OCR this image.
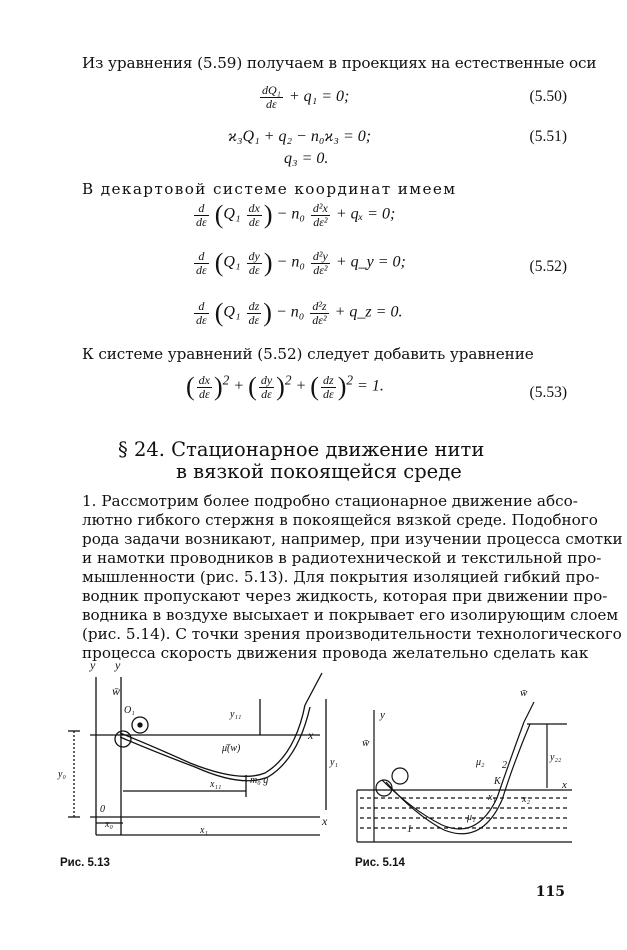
Из уравнения (5.59) получаем в проекциях на естественные оси
$\frac{\text{dQ₁}}{d\varepsilon} + q_1 = 0$;	(5.50)
ϰ₃Q₁ + q₂ − n₀ϰ₃ = 0;	(5.51)
q₃ = 0.
В декартовой системе координат имеем
$\frac{d}{d\varepsilon} (Q_1 \frac{dx}{d\varepsilon}$ ) − $n_0 \frac{\text{d²x}}{\text{dε²}} + q_x = 0$;
$\frac{d}{d\varepsilon} (Q_1 \frac{dy}{d\varepsilon}$ ) − $n_0 \frac{\text{d²y}}{\text{dε²}}$ + q_y = 0;	(5.52)
$\frac{d}{d\varepsilon} (Q_1 \frac{dz}{d\varepsilon}$ ) − $n_0 \frac{\text{d²z}}{\text{dε²}}$ + q_z = 0.
К системе уравнений (5.52) следует добавить уравнение
( $\frac{dx}{d\varepsilon} )^2$ + ( $\frac{dy}{d\varepsilon} )^2$ + ( $\frac{dz}{d\varepsilon} )^2 = 1$.	(5.53)
§ 24. Стационарное движение нити
в вязкой покоящейся среде
1. Рассмотрим более подробно стационарное движение абсо-
лютно гибкого стержня в покоящейся вязкой среде. Подобного
рода задачи возникают, например, при изучении процесса смотки
и намотки проводников в радиотехнической и текстильной про-
мышленности (рис. 5.13). Для покрытия изоляцией гибкий про-
водник пропускают через жидкость, которая при движении про-
водника в воздухе высыхает и покрывает его изолирующим слоем
(рис. 5.14). С точки зрения производительности технологического
процесса скорость движения провода желательно сделать как
y y
w̄
O₁	y₁₁
μ̄(w)
x
y₁
y₀
x₁₁	m₀ g
0
x₀
x₁
x
Рис. 5.13
y
w̄
w̄
μ₂ 2
K
x₁	x₂
μ₁
1
y₂₂
x
Рис. 5.14
115
